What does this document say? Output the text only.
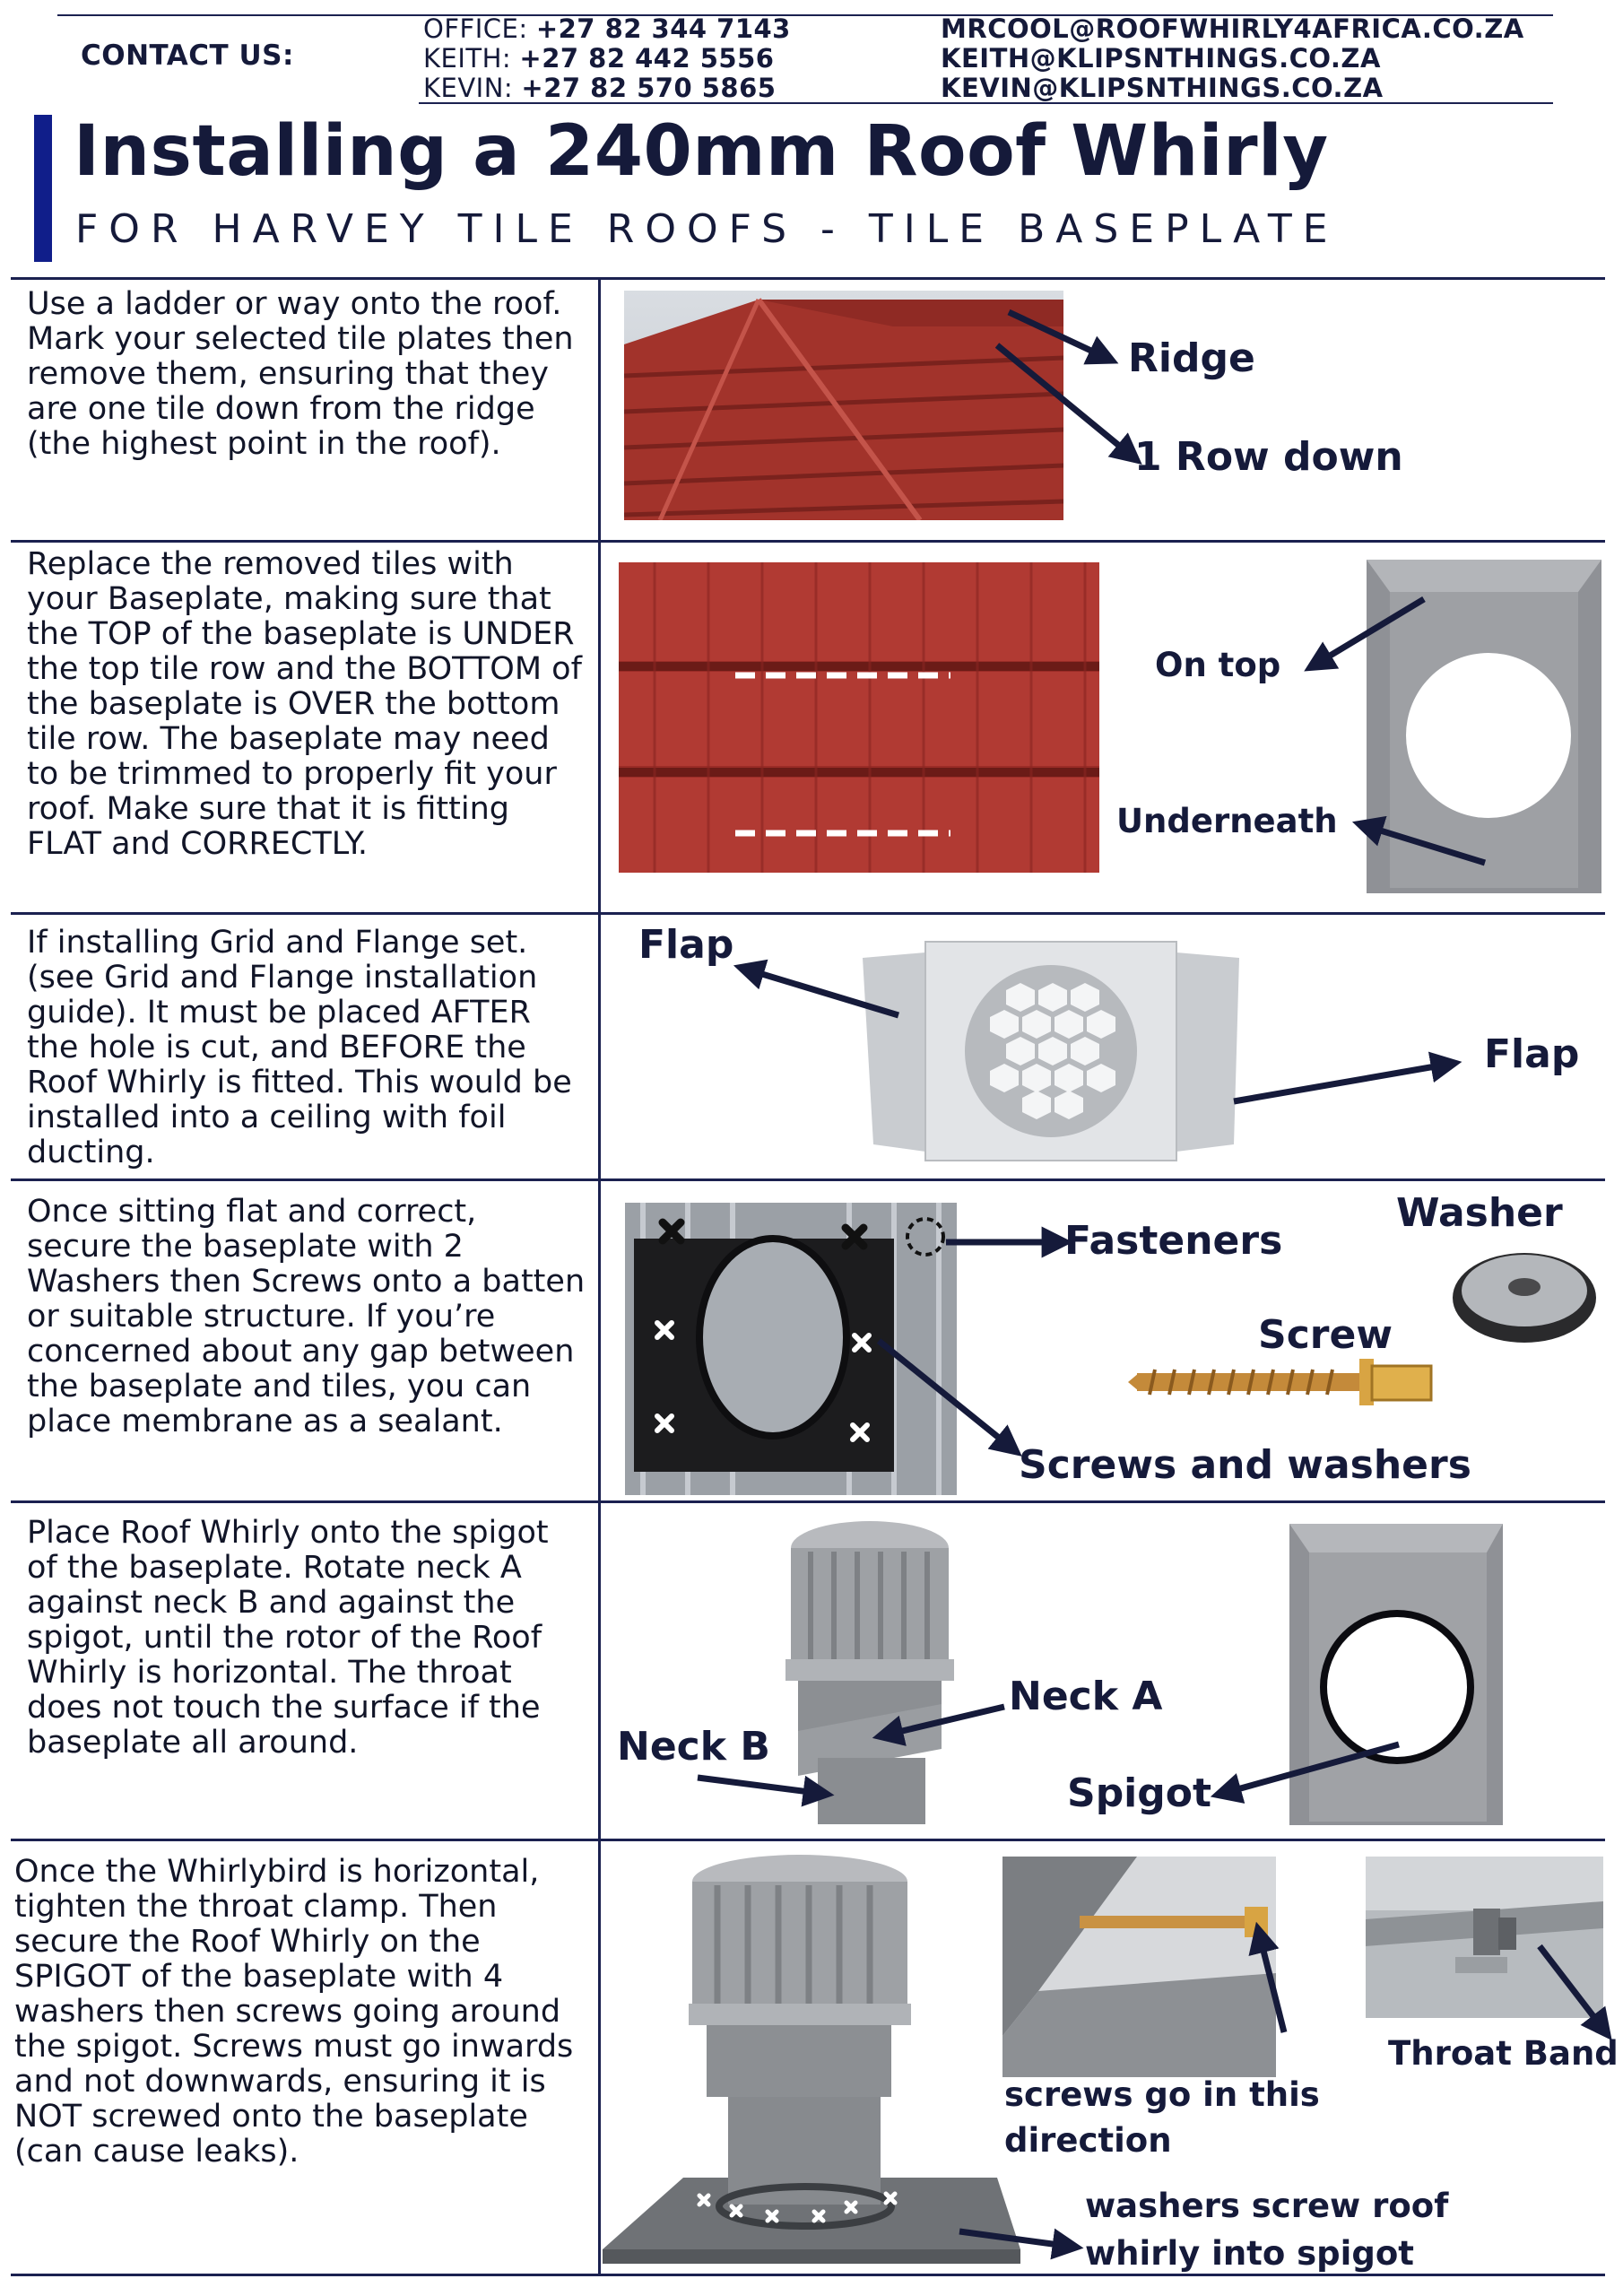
CONTACT US:
OFFICE: +27 82 344 7143
KEITH: +27 82 442 5556
KEVIN: +27 82 570 5865
MRCOOL@ROOFWHIRLY4AFRICA.CO.ZA
KEITH@KLIPSNTHINGS.CO.ZA
KEVIN@KLIPSNTHINGS.CO.ZA
Installing a 240mm Roof Whirly
FOR HARVEY TILE ROOFS - TILE BASEPLATE
Use a ladder or way onto the roof. Mark your selected tile plates then remove them, ensuring that they are one tile down from the ridge (the highest point in the roof).
Ridge
1 Row down
Replace the removed tiles with your Baseplate, making sure that the TOP of the baseplate is UNDER the top tile row and the BOTTOM of the baseplate is OVER the bottom tile row. The baseplate may need to be trimmed to properly fit your roof. Make sure that it is fitting FLAT and CORRECTLY.
On top
Underneath
If installing Grid and Flange set. (see Grid and Flange installation guide). It must be placed AFTER the hole is cut, and BEFORE the Roof Whirly is fitted. This would be installed into a ceiling with foil ducting.
Flap
Flap
Once sitting flat and correct, secure the baseplate with 2 Washers then Screws onto a batten or suitable structure. If you’re concerned about any gap between the baseplate and tiles, you can place membrane as a sealant.
Fasteners
Washer
Screw
Screws and washers
Place Roof Whirly onto the spigot of the baseplate. Rotate neck A against neck B and against the spigot, until the rotor of the Roof Whirly is horizontal. The throat does not touch the surface if the baseplate all around.
Neck A
Neck B
Spigot
Once the Whirlybird is horizontal, tighten the throat clamp. Then secure the Roof Whirly on the SPIGOT of the baseplate with 4 washers then screws going around the spigot. Screws must go inwards and not downwards, ensuring it is NOT screwed onto the baseplate (can cause leaks).
screws go in this direction
Throat Band
washers screw roof whirly into spigot
